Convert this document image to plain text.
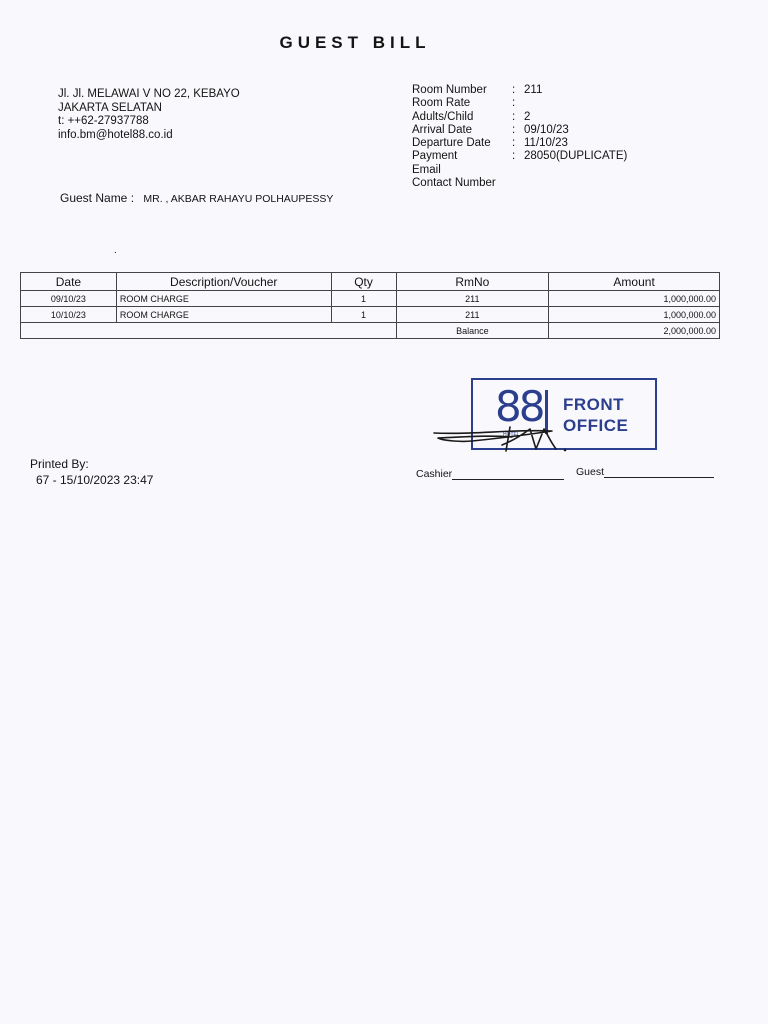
GUEST BILL
Jl. Jl. MELAWAI V NO 22, KEBAYO
JAKARTA SELATAN
t: ++62-27937788
info.bm@hotel88.co.id
Room Number	: 211
Room Rate	:
Adults/Child	: 2
Arrival Date	: 09/10/23
Departure Date	: 11/10/23
Payment	: 28050(DUPLICATE)
Email
Contact Number
Guest Name : MR. , AKBAR RAHAYU POLHAUPESSY
.
Date	Description/Voucher	Qty	RmNo	Amount
09/10/23	ROOM CHARGE	1	211	1,000,000.00
10/10/23	ROOM CHARGE	1	211	1,000,000.00
			Balance	2,000,000.00
88
HOTEL
FRONT
OFFICE
Printed By:
67 - 15/10/2023 23:47	Cashier	Guest
